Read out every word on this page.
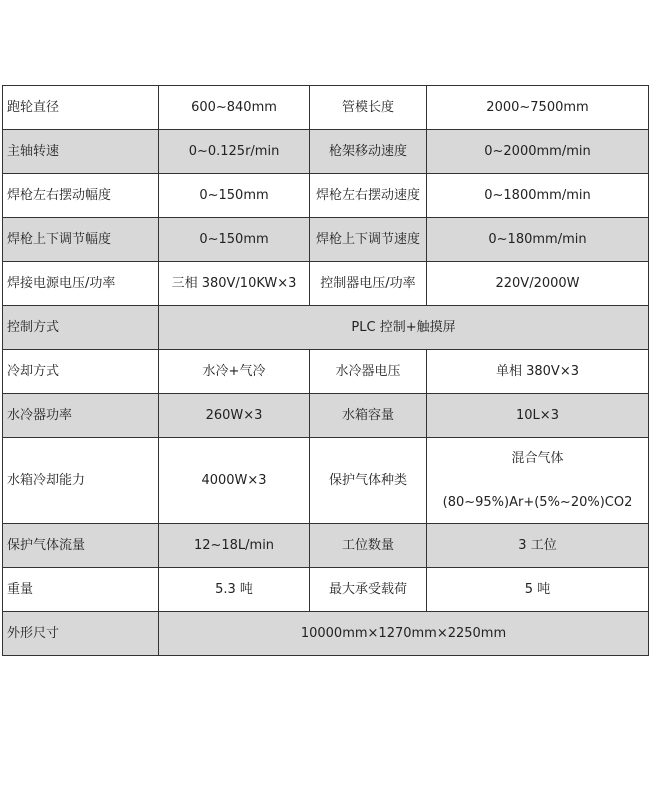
跑轮直径	600~840mm	管模长度	2000~7500mm
主轴转速	0~0.125r/min	枪架移动速度	0~2000mm/min
焊枪左右摆动幅度	0~150mm	焊枪左右摆动速度	0~1800mm/min
焊枪上下调节幅度	0~150mm	焊枪上下调节速度	0~180mm/min
焊接电源电压/功率	三相 380V/10KW×3	控制器电压/功率	220V/2000W
控制方式	PLC 控制+触摸屏		
冷却方式	水冷+气冷	水冷器电压	单相 380V×3
水冷器功率	260W×3	水箱容量	10L×3
水箱冷却能力	4000W×3	保护气体种类	混合气体
(80~95%)Ar+(5%~20%)CO2

保护气体流量	12~18L/min	工位数量	3 工位
重量	5.3 吨	最大承受载荷	5 吨
外形尺寸	10000mm×1270mm×2250mm		
